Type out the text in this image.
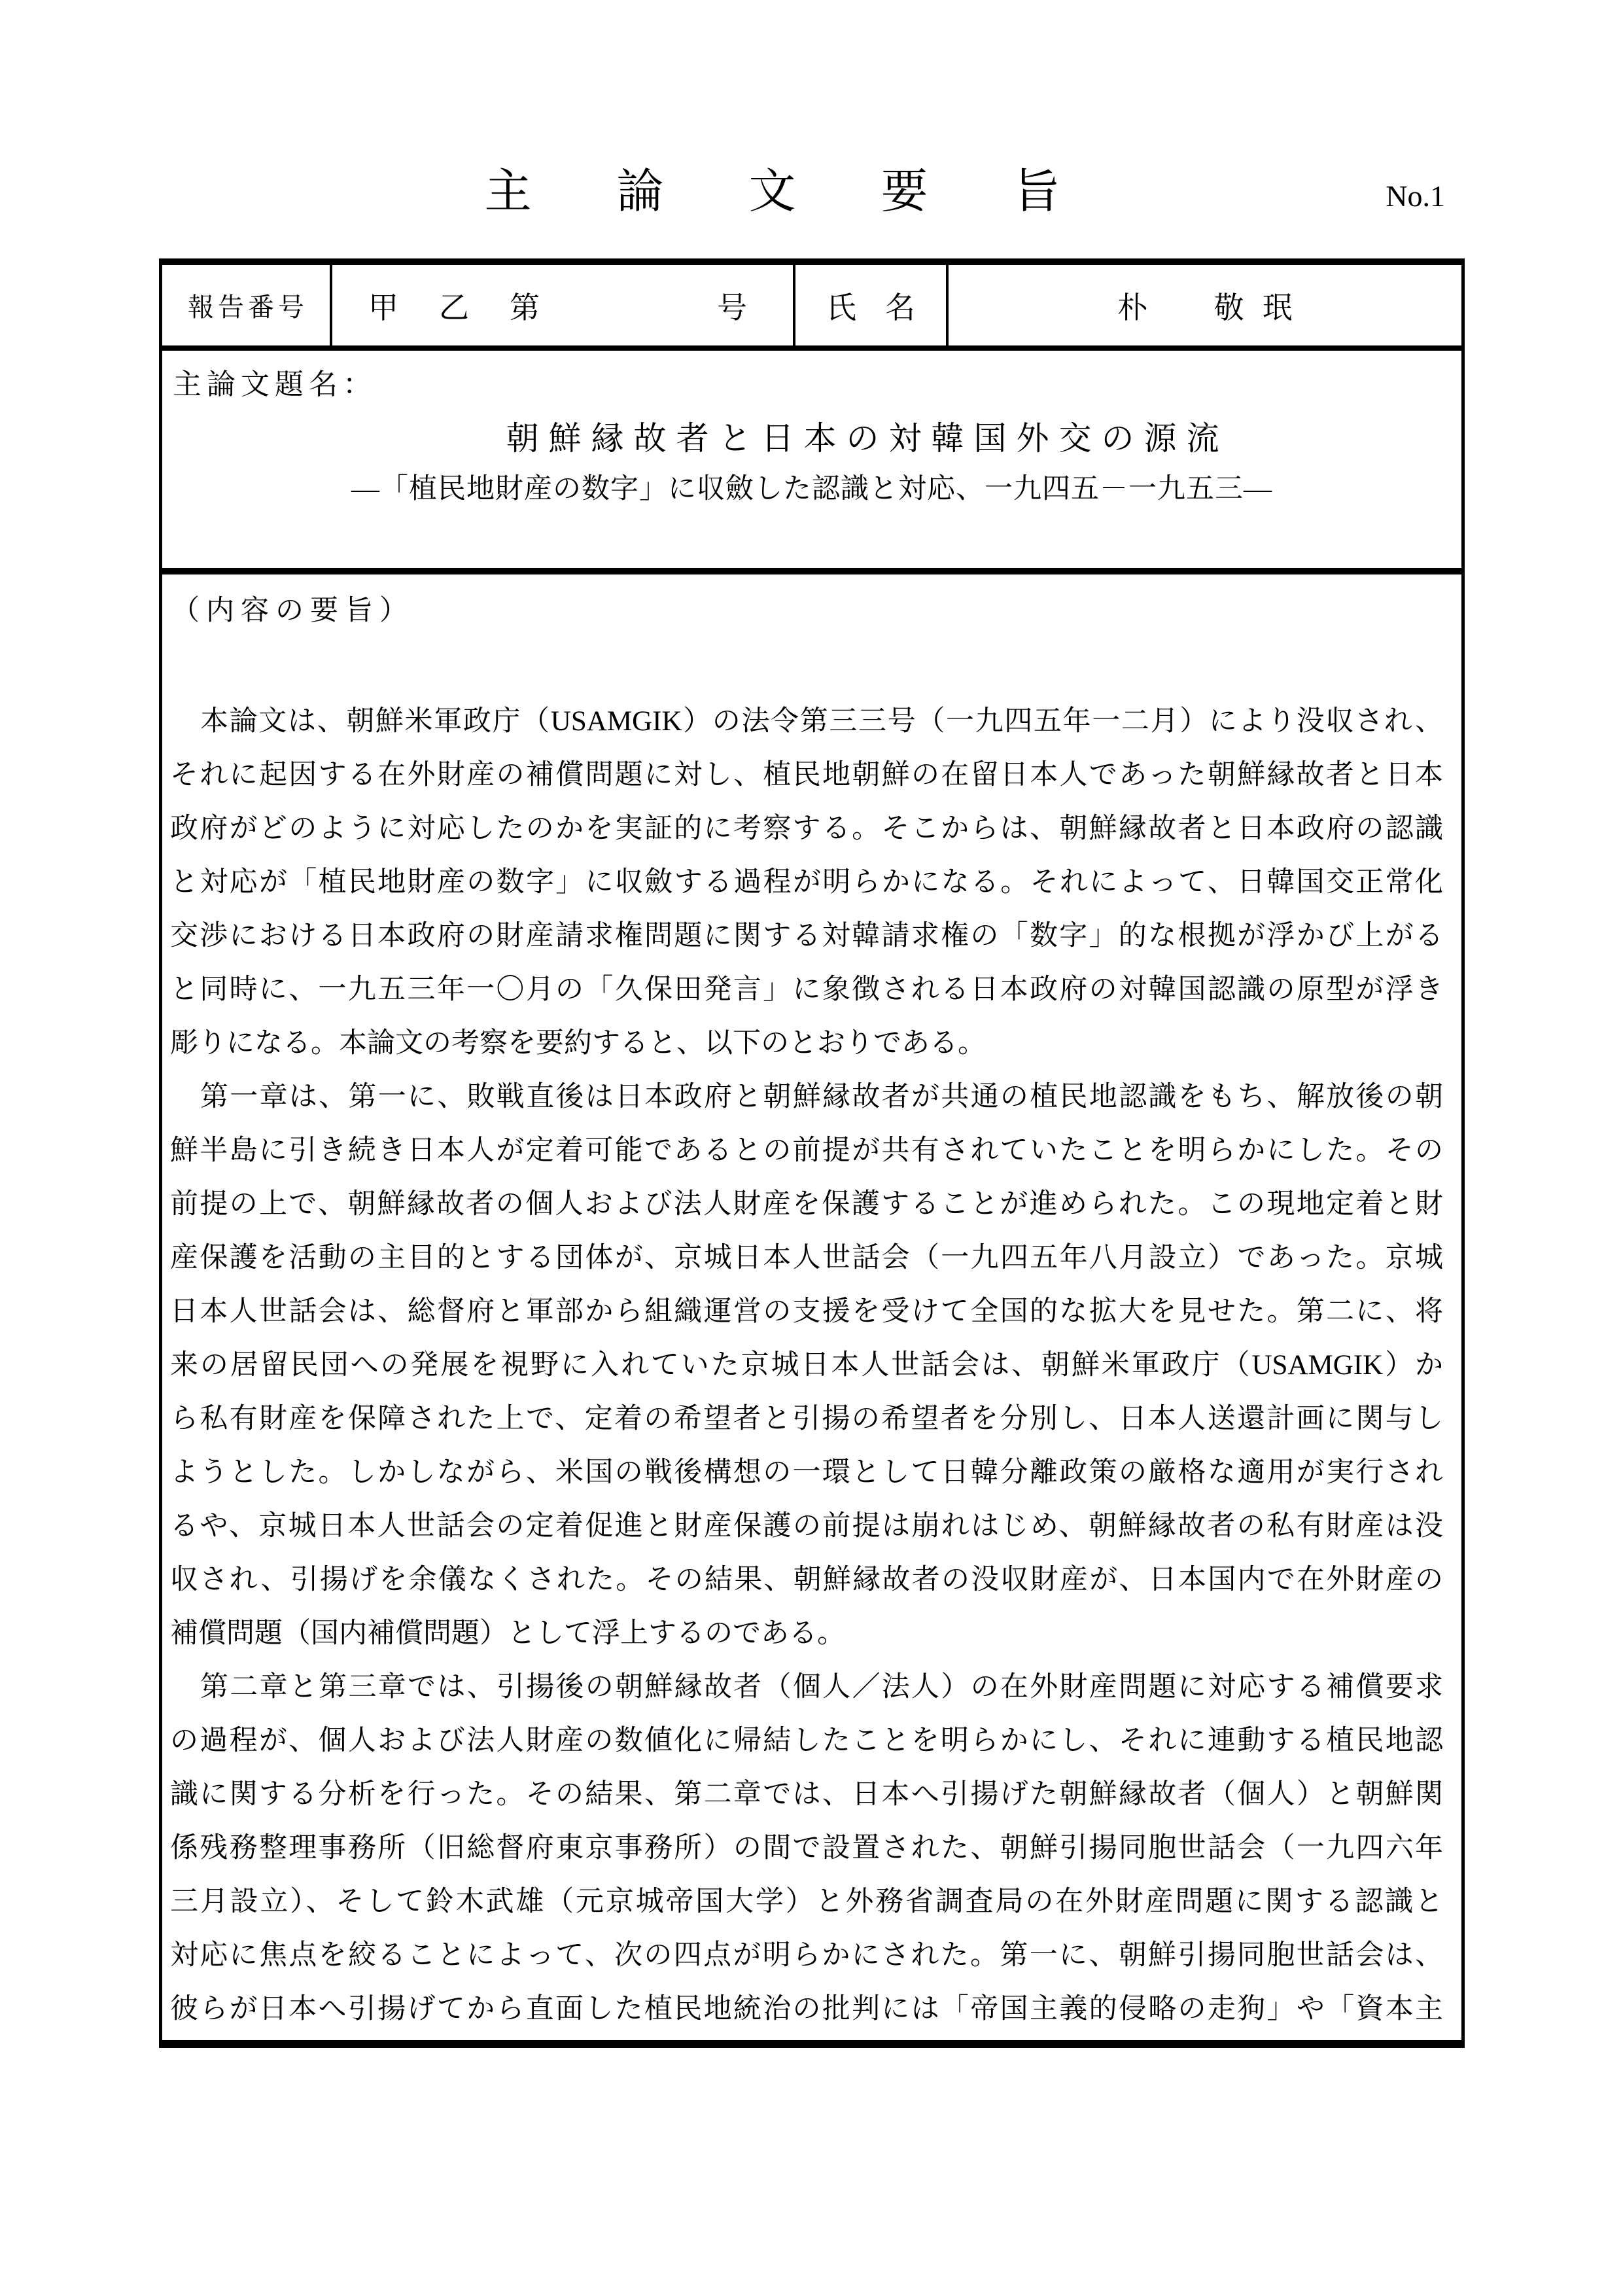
主論文要旨	No.1
報告番号	甲 乙 第	号	氏名	朴 敬珉
主論文題名：
朝鮮縁故者と日本の対韓国外交の源流
―「植民地財産の数字」に収斂した認識と対応、一九四五－一九五三―
（内容の要旨）
本論文は、朝鮮米軍政庁（USAMGIK）の法令第三三号（一九四五年一二月）により没収され、
それに起因する在外財産の補償問題に対し、植民地朝鮮の在留日本人であった朝鮮縁故者と日本
政府がどのように対応したのかを実証的に考察する。そこからは、朝鮮縁故者と日本政府の認識
と対応が「植民地財産の数字」に収斂する過程が明らかになる。それによって、日韓国交正常化
交渉における日本政府の財産請求権問題に関する対韓請求権の「数字」的な根拠が浮かび上がる
と同時に、一九五三年一〇月の「久保田発言」に象徴される日本政府の対韓国認識の原型が浮き
彫りになる。本論文の考察を要約すると、以下のとおりである。
第一章は、第一に、敗戦直後は日本政府と朝鮮縁故者が共通の植民地認識をもち、解放後の朝
鮮半島に引き続き日本人が定着可能であるとの前提が共有されていたことを明らかにした。その
前提の上で、朝鮮縁故者の個人および法人財産を保護することが進められた。この現地定着と財
産保護を活動の主目的とする団体が、京城日本人世話会（一九四五年八月設立）であった。京城
日本人世話会は、総督府と軍部から組織運営の支援を受けて全国的な拡大を見せた。第二に、将
来の居留民団への発展を視野に入れていた京城日本人世話会は、朝鮮米軍政庁（USAMGIK）か
ら私有財産を保障された上で、定着の希望者と引揚の希望者を分別し、日本人送還計画に関与し
ようとした。しかしながら、米国の戦後構想の一環として日韓分離政策の厳格な適用が実行され
るや、京城日本人世話会の定着促進と財産保護の前提は崩れはじめ、朝鮮縁故者の私有財産は没
収され、引揚げを余儀なくされた。その結果、朝鮮縁故者の没収財産が、日本国内で在外財産の
補償問題（国内補償問題）として浮上するのである。
第二章と第三章では、引揚後の朝鮮縁故者（個人／法人）の在外財産問題に対応する補償要求
の過程が、個人および法人財産の数値化に帰結したことを明らかにし、それに連動する植民地認
識に関する分析を行った。その結果、第二章では、日本へ引揚げた朝鮮縁故者（個人）と朝鮮関
係残務整理事務所（旧総督府東京事務所）の間で設置された、朝鮮引揚同胞世話会（一九四六年
三月設立）、そして鈴木武雄（元京城帝国大学）と外務省調査局の在外財産問題に関する認識と
対応に焦点を絞ることによって、次の四点が明らかにされた。第一に、朝鮮引揚同胞世話会は、
彼らが日本へ引揚げてから直面した植民地統治の批判には「帝国主義的侵略の走狗」や「資本主
